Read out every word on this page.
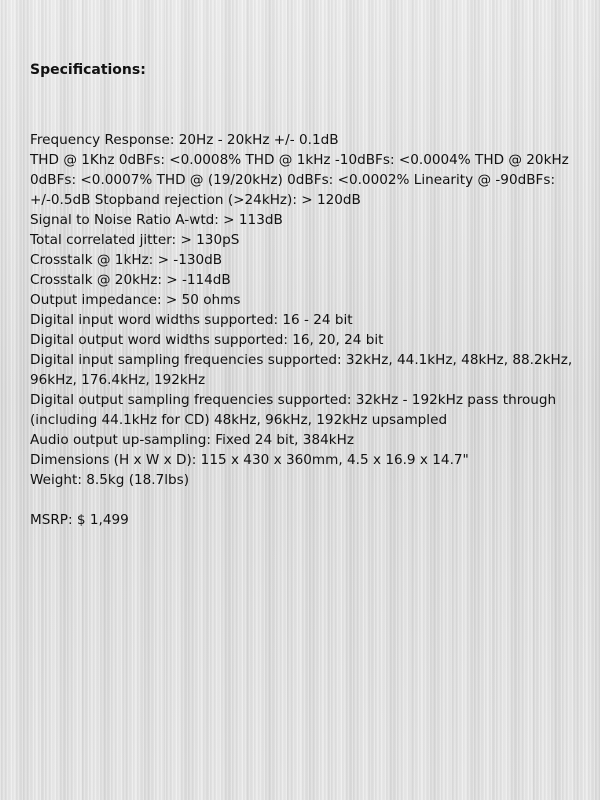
Specifications:
Frequency Response: 20Hz - 20kHz +/- 0.1dB
THD @ 1Khz 0dBFs: <0.0008% THD @ 1kHz -10dBFs: <0.0004% THD @ 20kHz 0dBFs: <0.0007% THD @ (19/20kHz) 0dBFs: <0.0002% Linearity @ -90dBFs: +/-0.5dB Stopband rejection (>24kHz): > 120dB
Signal to Noise Ratio A-wtd: > 113dB
Total correlated jitter: > 130pS
Crosstalk @ 1kHz: > -130dB
Crosstalk @ 20kHz: > -114dB
Output impedance: > 50 ohms
Digital input word widths supported: 16 - 24 bit
Digital output word widths supported: 16, 20, 24 bit
Digital input sampling frequencies supported: 32kHz, 44.1kHz, 48kHz, 88.2kHz, 96kHz, 176.4kHz, 192kHz
Digital output sampling frequencies supported: 32kHz - 192kHz pass through (including 44.1kHz for CD) 48kHz, 96kHz, 192kHz upsampled
Audio output up-sampling: Fixed 24 bit, 384kHz
Dimensions (H x W x D): 115 x 430 x 360mm, 4.5 x 16.9 x 14.7"
Weight: 8.5kg (18.7lbs)
MSRP: $ 1,499
